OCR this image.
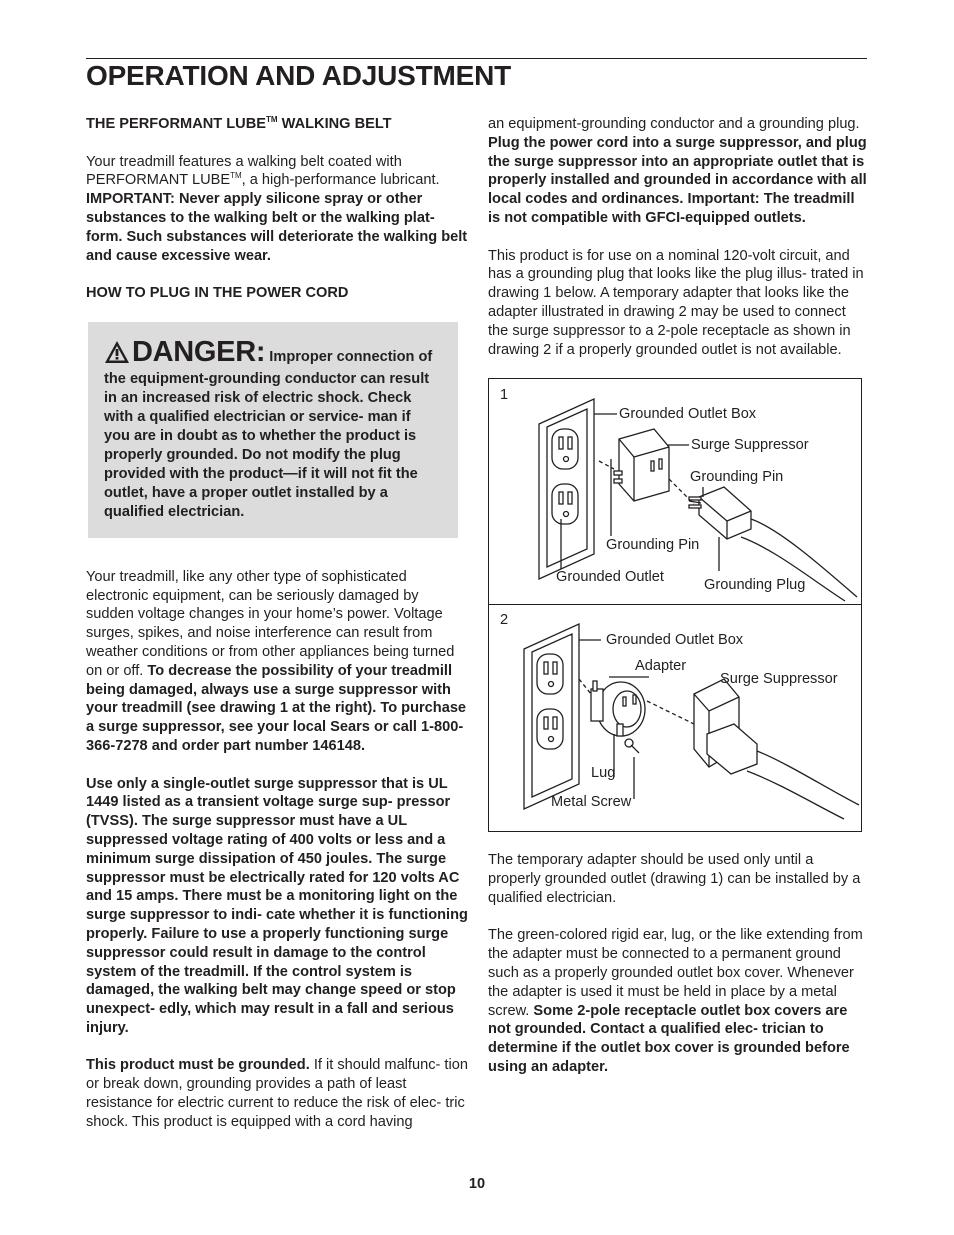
OPERATION AND ADJUSTMENT
THE PERFORMANT LUBE™ WALKING BELT

Your treadmill features a walking belt coated with PERFORMANT LUBE™, a high-performance lubricant. IMPORTANT: Never apply silicone spray or other substances to the walking belt or the walking plat- form. Such substances will deteriorate the walking belt and cause excessive wear.

HOW TO PLUG IN THE POWER CORD
DANGER: Improper connection of the equipment-grounding conductor can result in an increased risk of electric shock. Check with a qualified electrician or service- man if you are in doubt as to whether the product is properly grounded. Do not modify the plug provided with the product—if it will not fit the outlet, have a proper outlet installed by a qualified electrician.

Your treadmill, like any other type of sophisticated electronic equipment, can be seriously damaged by sudden voltage changes in your home’s power. Voltage surges, spikes, and noise interference can result from weather conditions or from other appliances being turned on or off. To decrease the possibility of your treadmill being damaged, always use a surge suppressor with your treadmill (see drawing 1 at the right). To purchase a surge suppressor, see your local Sears or call 1-800-366-7278 and order part number 146148.

Use only a single-outlet surge suppressor that is UL 1449 listed as a transient voltage surge sup- pressor (TVSS). The surge suppressor must have a UL suppressed voltage rating of 400 volts or less and a minimum surge dissipation of 450 joules. The surge suppressor must be electrically rated for 120 volts AC and 15 amps. There must be a monitoring light on the surge suppressor to indi- cate whether it is functioning properly. Failure to use a properly functioning surge suppressor could result in damage to the control system of the treadmill. If the control system is damaged, the walking belt may change speed or stop unexpect- edly, which may result in a fall and serious injury.

This product must be grounded. If it should malfunc- tion or break down, grounding provides a path of least resistance for electric current to reduce the risk of elec- tric shock. This product is equipped with a cord having

an equipment-grounding conductor and a grounding plug. Plug the power cord into a surge suppressor, and plug the surge suppressor into an appropriate outlet that is properly installed and grounded in accordance with all local codes and ordinances. Important: The treadmill is not compatible with GFCI-equipped outlets.

This product is for use on a nominal 120-volt circuit, and has a grounding plug that looks like the plug illus- trated in drawing 1 below. A temporary adapter that looks like the adapter illustrated in drawing 2 may be used to connect the surge suppressor to a 2-pole receptacle as shown in drawing 2 if a properly grounded outlet is not available.

1
Grounded Outlet Box
Surge Suppressor
Grounding Pin
Grounding Pin
Grounded Outlet	Grounding Plug
2
Grounded Outlet Box
Adapter
Surge Suppressor
Lug
Metal Screw

The temporary adapter should be used only until a properly grounded outlet (drawing 1) can be installed by a qualified electrician.

The green-colored rigid ear, lug, or the like extending from the adapter must be connected to a permanent ground such as a properly grounded outlet box cover. Whenever the adapter is used it must be held in place by a metal screw. Some 2-pole receptacle outlet box covers are not grounded. Contact a qualified elec- trician to determine if the outlet box cover is grounded before using an adapter.

10
